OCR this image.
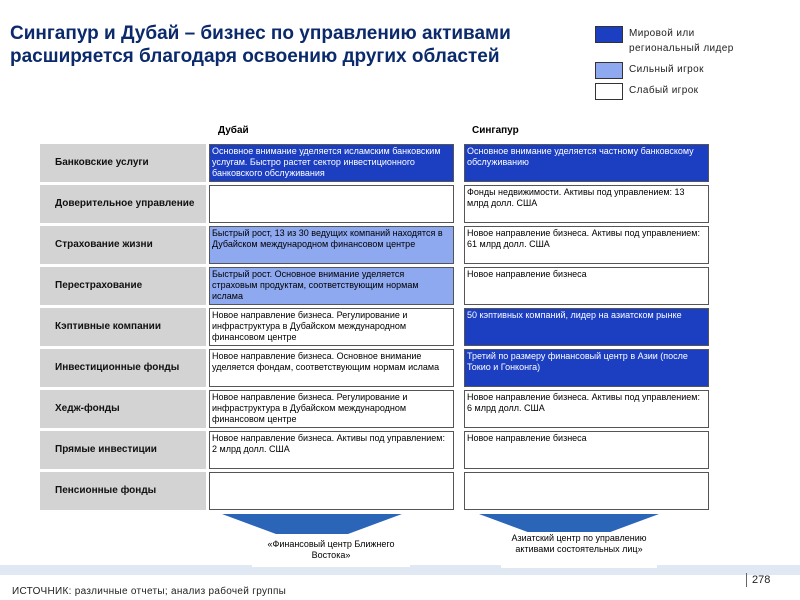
Сингапур и Дубай – бизнес по управлению активами расширяется благодаря освоению других областей
Мировой или региональный лидер
Сильный игрок
Слабый игрок
Дубай	Сингапур
Банковские услуги
Основное внимание уделяется исламским банковским услугам. Быстро растет сектор инвестиционного банковского обслуживания
Основное внимание уделяется частному банковскому обслуживанию
Доверительное управление
Фонды недвижимости. Активы под управлением: 13 млрд долл. США
Страхование жизни
Быстрый рост, 13 из 30 ведущих компаний находятся в Дубайском международном финансовом центре
Новое направление бизнеса. Активы под управлением: 61 млрд долл. США
Перестрахование
Быстрый рост. Основное внимание уделяется страховым продуктам, соответствующим нормам ислама
Новое направление бизнеса
Кэптивные компании
Новое направление бизнеса. Регулирование и инфраструктура в Дубайском международном финансовом центре
50 кэптивных компаний, лидер на азиатском рынке
Инвестиционные фонды
Новое направление бизнеса. Основное внимание уделяется фондам, соответствующим нормам ислама
Третий по размеру финансовый центр в Азии (после Токио и Гонконга)
Хедж-фонды
Новое направление бизнеса. Регулирование и инфраструктура в Дубайском международном финансовом центре
Новое направление бизнеса. Активы под управлением: 6 млрд долл. США
Прямые инвестиции
Новое направление бизнеса. Активы под управлением: 2 млрд долл. США
Новое направление бизнеса
Пенсионные фонды
«Финансовый центр Ближнего Востока»
Азиатский центр по управлению активами состоятельных лиц»
278
ИСТОЧНИК: различные отчеты; анализ рабочей группы
